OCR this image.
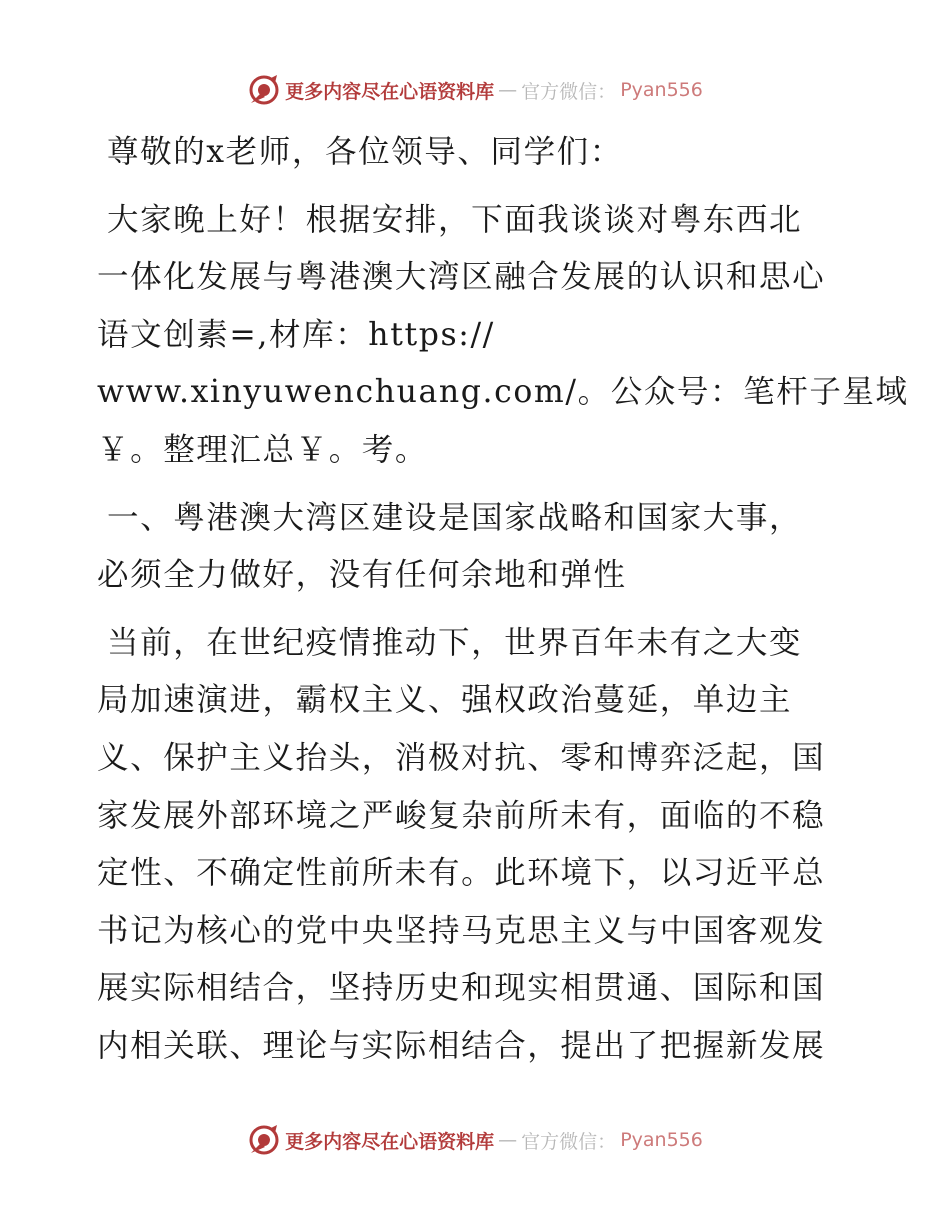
更多内容尽在心语资料库 — 官方微信： Pyan556

尊敬的x老师，各位领导、同学们：

大家晚上好！根据安排，下面我谈谈对粤东西北
一体化发展与粤港澳大湾区融合发展的认识和思心
语文创素=,材库：https://
www.xinyuwenchuang.com/。公众号：笔杆子星域
￥。整理汇总￥。考。

一、粤港澳大湾区建设是国家战略和国家大事，
必须全力做好，没有任何余地和弹性

当前，在世纪疫情推动下，世界百年未有之大变
局加速演进，霸权主义、强权政治蔓延，单边主
义、保护主义抬头，消极对抗、零和博弈泛起，国
家发展外部环境之严峻复杂前所未有，面临的不稳
定性、不确定性前所未有。此环境下，以习近平总
书记为核心的党中央坚持马克思主义与中国客观发
展实际相结合，坚持历史和现实相贯通、国际和国
内相关联、理论与实际相结合，提出了把握新发展

更多内容尽在心语资料库 — 官方微信： Pyan556
